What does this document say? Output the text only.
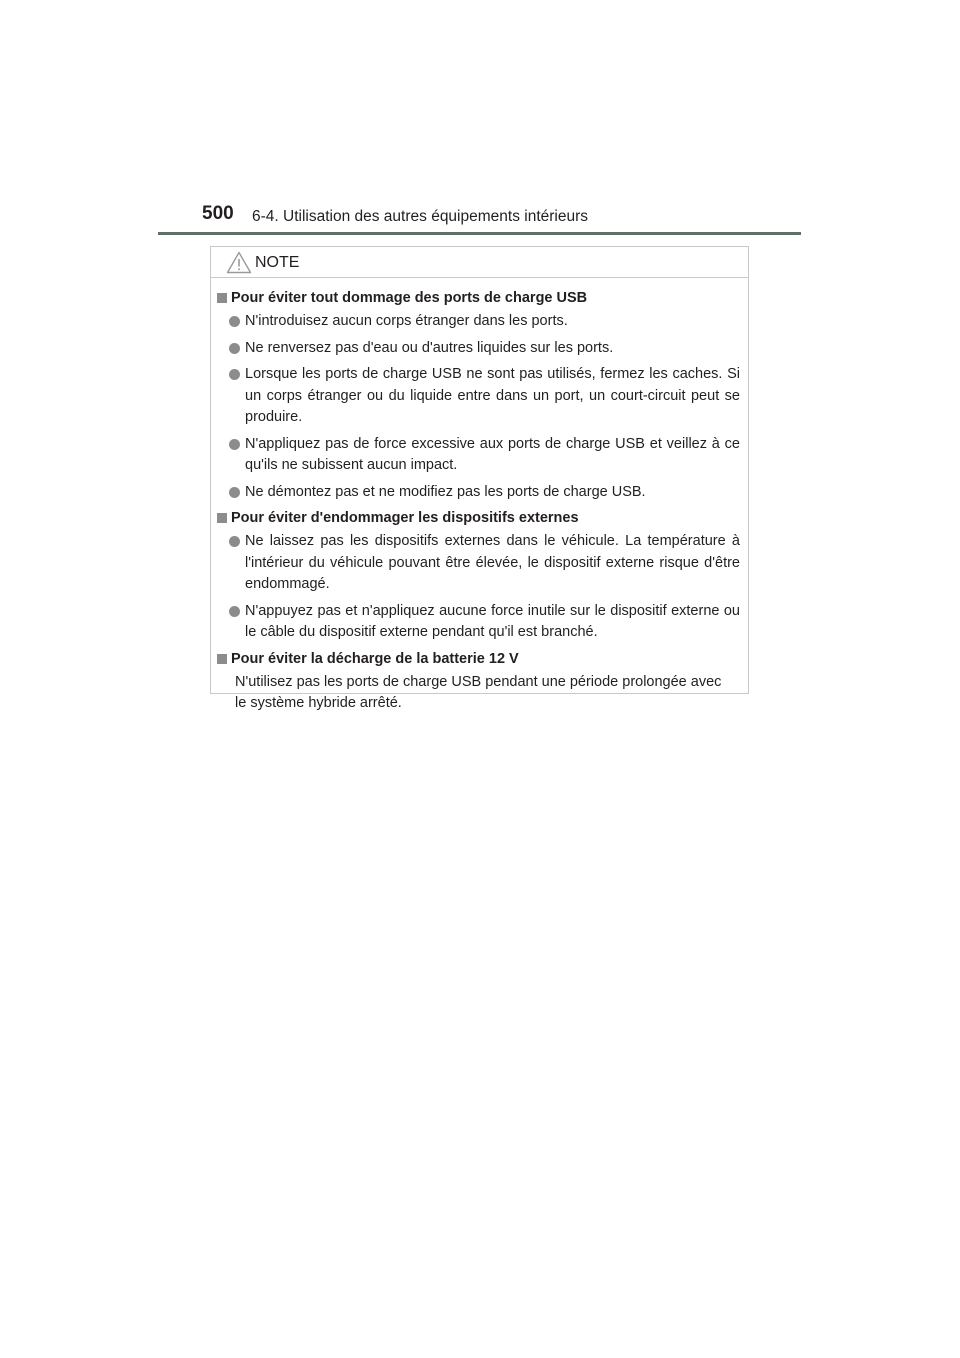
500 6-4. Utilisation des autres équipements intérieurs
NOTE
Pour éviter tout dommage des ports de charge USB
N'introduisez aucun corps étranger dans les ports.
Ne renversez pas d'eau ou d'autres liquides sur les ports.
Lorsque les ports de charge USB ne sont pas utilisés, fermez les caches. Si un corps étranger ou du liquide entre dans un port, un court-circuit peut se produire.
N'appliquez pas de force excessive aux ports de charge USB et veillez à ce qu'ils ne subissent aucun impact.
Ne démontez pas et ne modifiez pas les ports de charge USB.
Pour éviter d'endommager les dispositifs externes
Ne laissez pas les dispositifs externes dans le véhicule. La température à l'intérieur du véhicule pouvant être élevée, le dispositif externe risque d'être endommagé.
N'appuyez pas et n'appliquez aucune force inutile sur le dispositif externe ou le câble du dispositif externe pendant qu'il est branché.
Pour éviter la décharge de la batterie 12 V
N'utilisez pas les ports de charge USB pendant une période prolongée avec le système hybride arrêté.
